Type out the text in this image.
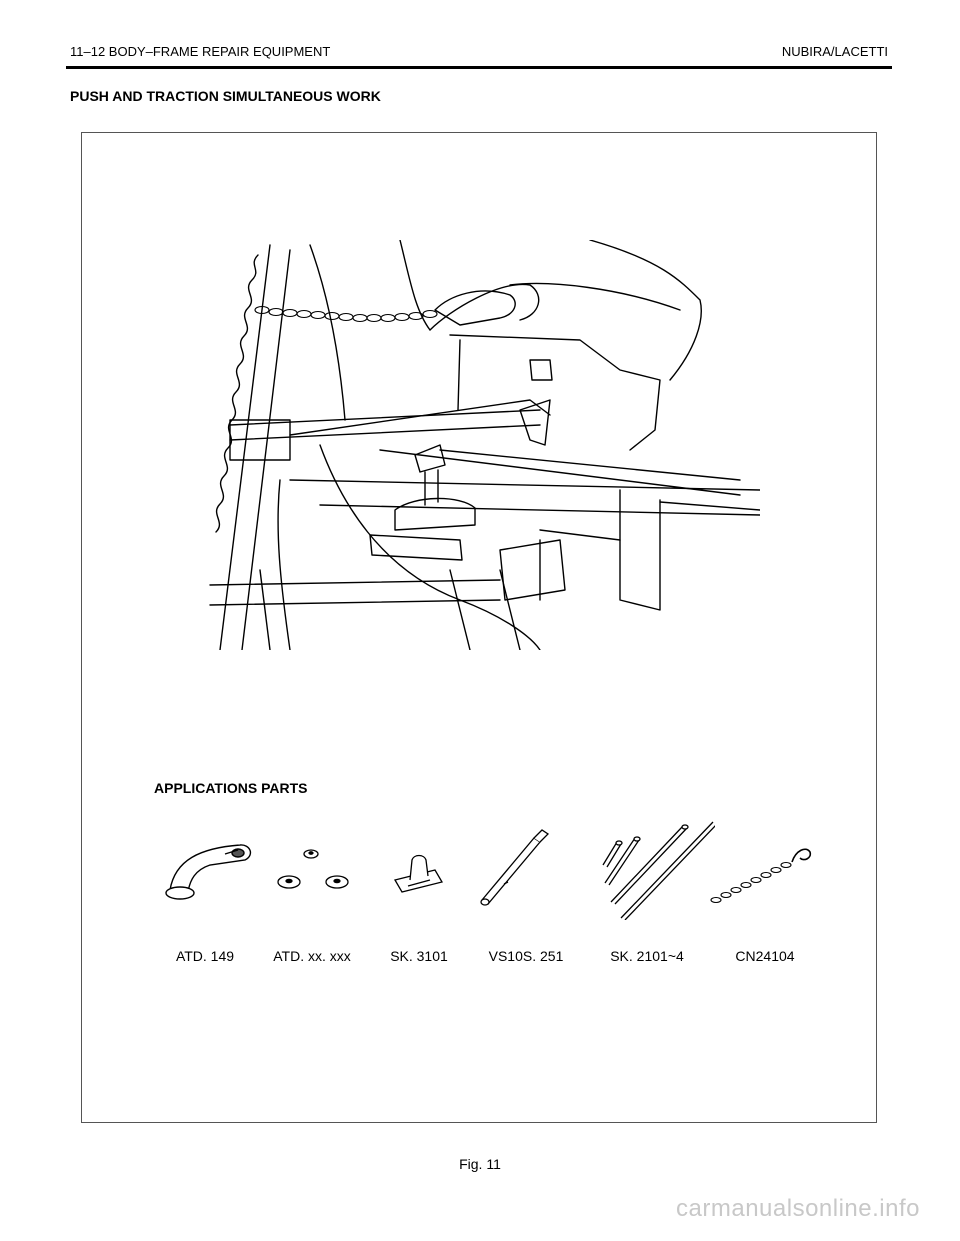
11–12 BODY–FRAME REPAIR EQUIPMENT	NUBIRA/LACETTI
PUSH AND TRACTION SIMULTANEOUS WORK
APPLICATIONS PARTS
ATD. 149	ATD. xx. xxx	SK. 3101	VS10S. 251	SK. 2101~4	CN24104
Fig. 11
carmanualsonline.info
